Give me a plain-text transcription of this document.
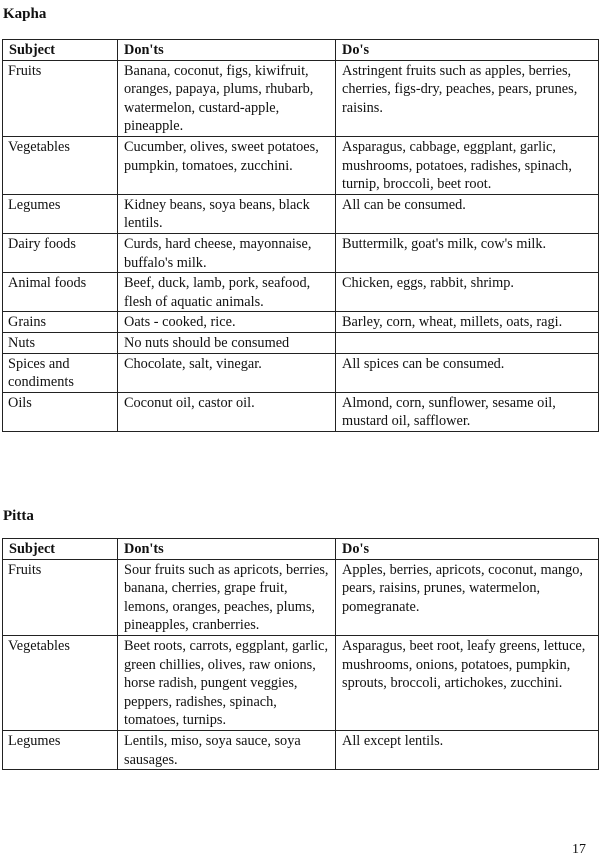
Kapha
Subject	Don'ts	Do's
Fruits	Banana, coconut, figs, kiwifruit, oranges, papaya, plums, rhubarb, watermelon, custard-apple, pineapple.	Astringent fruits such as apples, berries, cherries, figs-dry, peaches, pears, prunes, raisins.
Vegetables	Cucumber, olives, sweet potatoes, pumpkin, tomatoes, zucchini.	Asparagus, cabbage, eggplant, garlic, mushrooms, potatoes, radishes, spinach, turnip, broccoli, beet root.
Legumes	Kidney beans, soya beans, black lentils.	All can be consumed.
Dairy foods	Curds, hard cheese, mayonnaise, buffalo's milk.	Buttermilk, goat's milk, cow's milk.
Animal foods	Beef, duck, lamb, pork, seafood, flesh of aquatic animals.	Chicken, eggs, rabbit, shrimp.
Grains	Oats - cooked, rice.	Barley, corn, wheat, millets, oats, ragi.
Nuts	No nuts should be consumed	
Spices and condiments	Chocolate, salt, vinegar.	All spices can be consumed.
Oils	Coconut oil, castor oil.	Almond, corn, sunflower, sesame oil, mustard oil, safflower.
Pitta
Subject	Don'ts	Do's
Fruits	Sour fruits such as apricots, berries, banana, cherries, grape fruit, lemons, oranges, peaches, plums, pineapples, cranberries.	Apples, berries, apricots, coconut, mango, pears, raisins, prunes, watermelon, pomegranate.
Vegetables	Beet roots, carrots, eggplant, garlic, green chillies, olives, raw onions, horse radish, pungent veggies, peppers, radishes, spinach, tomatoes, turnips.	Asparagus, beet root, leafy greens, lettuce, mushrooms, onions, potatoes, pumpkin, sprouts, broccoli, artichokes, zucchini.
Legumes	Lentils, miso, soya sauce, soya sausages.	All except lentils.
17
